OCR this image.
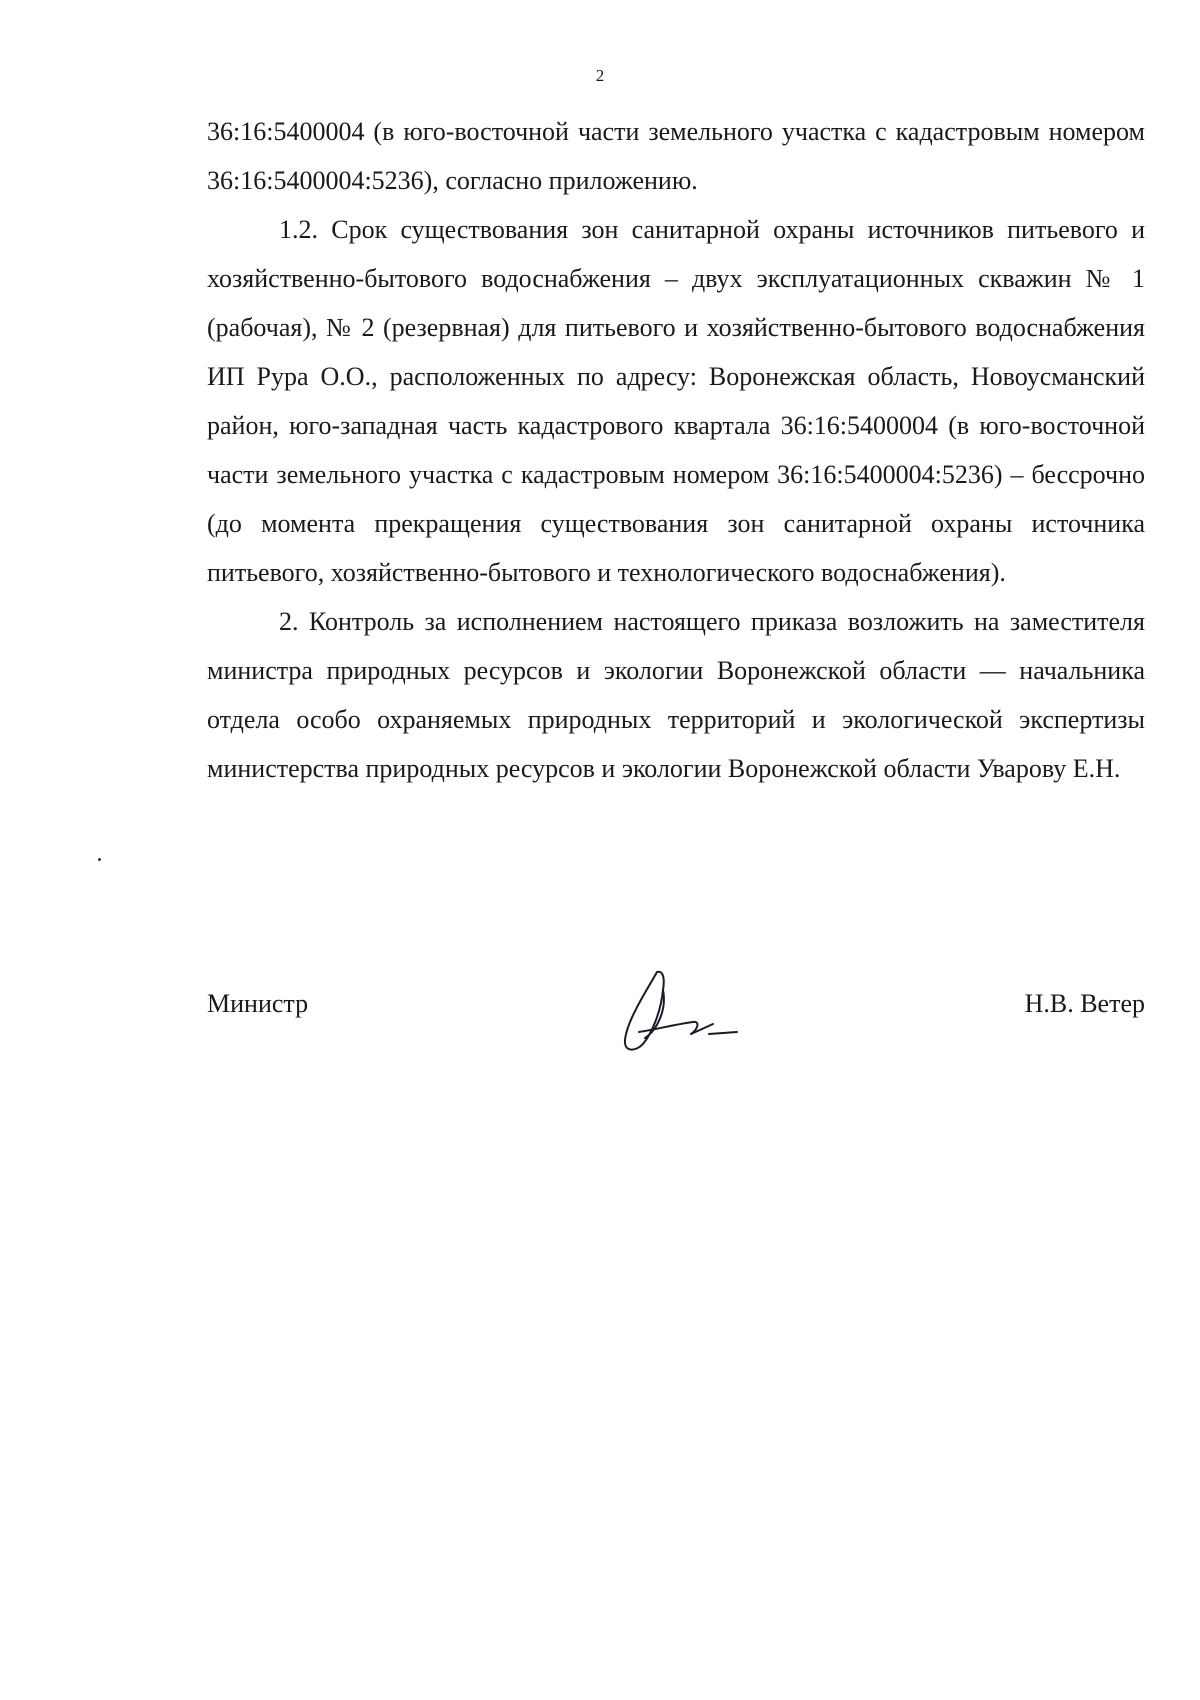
2

36:16:5400004 (в юго-восточной части земельного участка с кадастровым номером 36:16:5400004:5236), согласно приложению.

1.2. Срок существования зон санитарной охраны источников питьевого и хозяйственно-бытового водоснабжения – двух эксплуатационных скважин № 1 (рабочая), № 2 (резервная) для питьевого и хозяйственно-бытового водоснабжения ИП Рура О.О., расположенных по адресу: Воронежская область, Новоусманский район, юго-западная часть кадастрового квартала 36:16:5400004 (в юго-восточной части земельного участка с кадастровым номером 36:16:5400004:5236) – бессрочно (до момента прекращения существования зон санитарной охраны источника питьевого, хозяйственно-бытового и технологического водоснабжения).

2. Контроль за исполнением настоящего приказа возложить на заместителя министра природных ресурсов и экологии Воронежской области — начальника отдела особо охраняемых природных территорий и экологической экспертизы министерства природных ресурсов и экологии Воронежской области Уварову Е.Н.

Министр	Н.В. Ветер
